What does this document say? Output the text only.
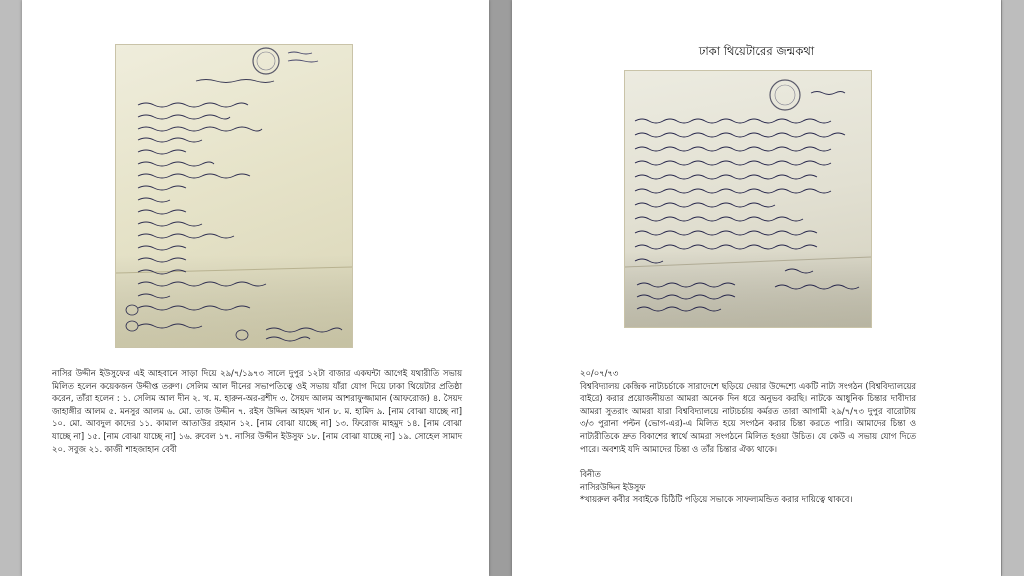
নাসির উদ্দীন ইউসুফের এই আহবানে সাড়া দিয়ে ২৯/৭/১৯৭৩ সালে দুপুর ১২টা বাজার একঘন্টা আগেই যথারীতি সভায় মিলিত হলেন কয়েকজন উদ্দীপ্ত তরুণ। সেলিম আল দীনের সভাপতিত্বে ওই সভায় যাঁরা যোগ দিয়ে ঢাকা থিয়েটার প্রতিষ্ঠা করেন, তাঁরা হলেন : ১. সেলিম আল দীন ২. খ. ম. হারুন-অর-রশীদ ৩. সৈয়দ আলম আশরাফুজ্জামান (আফরোজ) ৪. সৈয়দ জাহাঙ্গীর আলম ৫. মনসুর আলম ৬. মো. তাজ উদ্দীন ৭. রইস উদ্দিন আহমদ খান ৮. ম. হামিদ ৯. [নাম বোঝা যাচ্ছে না] ১০. মো. আবদুল কাদের ১১. কামাল আতাউর রহমান ১২. [নাম বোঝা যাচ্ছে না] ১৩. ফিরোজ মাহমুদ ১৪. [নাম বোঝা যাচ্ছে না] ১৫. [নাম বোঝা যাচ্ছে না] ১৬. রুবেল ১৭. নাসির উদ্দীন ইউসুফ ১৮. [নাম বোঝা যাচ্ছে না] ১৯. সোহেল সামাদ ২০. সবুজ ২১. কাজী শাহজাহান বেবী
ঢাকা থিয়েটারের জন্মকথা

২০/০৭/৭৩

বিশ্ববিদ্যালয় কেন্দ্রিক নাট্যচর্চাকে সারাদেশে ছড়িয়ে দেয়ার উদ্দেশ্যে একটি নাট্য সংগঠন (বিশ্ববিদ্যালয়ের বাইরে) করার প্রয়োজনীয়তা আমরা অনেক দিন ধরে অনুভব করছি। নাটকে আধুনিক চিন্তার দাবীদার আমরা সুতরাং আমরা যারা বিশ্ববিদ্যালয়ে নাট্যচর্চায় কর্মরত তারা আগামী ২৯/৭/৭৩ দুপুর বারোটায় ৩/৩ পুরানা পল্টন (ভোগ-এর)-এ মিলিত হয়ে সংগঠন করার চিন্তা করতে পারি। আমাদের চিন্তা ও নাট্যরীতিকে দ্রুত বিকাশের স্বার্থে আমরা সংগঠনে মিলিত হওয়া উচিত। যে কেউ এ সভায় যোগ দিতে পারে। অবশ্যই যদি আমাদের চিন্তা ও তাঁর চিন্তার ঐক্য থাকে।

বিনীত

নাসিরউদ্দিন ইউসুফ

*খায়রুল কবীর সবাইকে চিঠিটি পড়িয়ে সভাকে সাফল্যমন্ডিত করার দায়িত্বে থাকবে।
